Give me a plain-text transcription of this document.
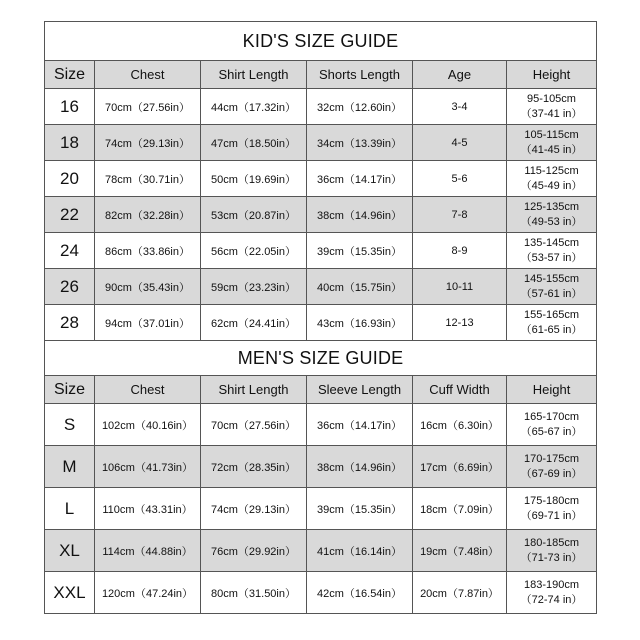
KID'S SIZE GUIDE					
Size	Chest	Shirt Length	Shorts Length	Age	Height
16	70cm（27.56in）	44cm（17.32in）	32cm（12.60in）	3-4	95-105cm
（37-41 in）

18	74cm（29.13in）	47cm（18.50in）	34cm（13.39in）	4-5	105-115cm
（41-45 in）

20	78cm（30.71in）	50cm（19.69in）	36cm（14.17in）	5-6	115-125cm
（45-49 in）

22	82cm（32.28in）	53cm（20.87in）	38cm（14.96in）	7-8	125-135cm
（49-53 in）

24	86cm（33.86in）	56cm（22.05in）	39cm（15.35in）	8-9	135-145cm
（53-57 in）

26	90cm（35.43in）	59cm（23.23in）	40cm（15.75in）	10-11	145-155cm
（57-61 in）

28	94cm（37.01in）	62cm（24.41in）	43cm（16.93in）	12-13	155-165cm
（61-65 in）
MEN'S SIZE GUIDE					
Size	Chest	Shirt Length	Sleeve Length	Cuff Width	Height
S	102cm（40.16in）	70cm（27.56in）	36cm（14.17in）	16cm（6.30in）	165-170cm
（65-67 in）

M	106cm（41.73in）	72cm（28.35in）	38cm（14.96in）	17cm（6.69in）	170-175cm
（67-69 in）

L	110cm（43.31in）	74cm（29.13in）	39cm（15.35in）	18cm（7.09in）	175-180cm
（69-71 in）

XL	114cm（44.88in）	76cm（29.92in）	41cm（16.14in）	19cm（7.48in）	180-185cm
（71-73 in）

XXL	120cm（47.24in）	80cm（31.50in）	42cm（16.54in）	20cm（7.87in）	183-190cm
（72-74 in）
